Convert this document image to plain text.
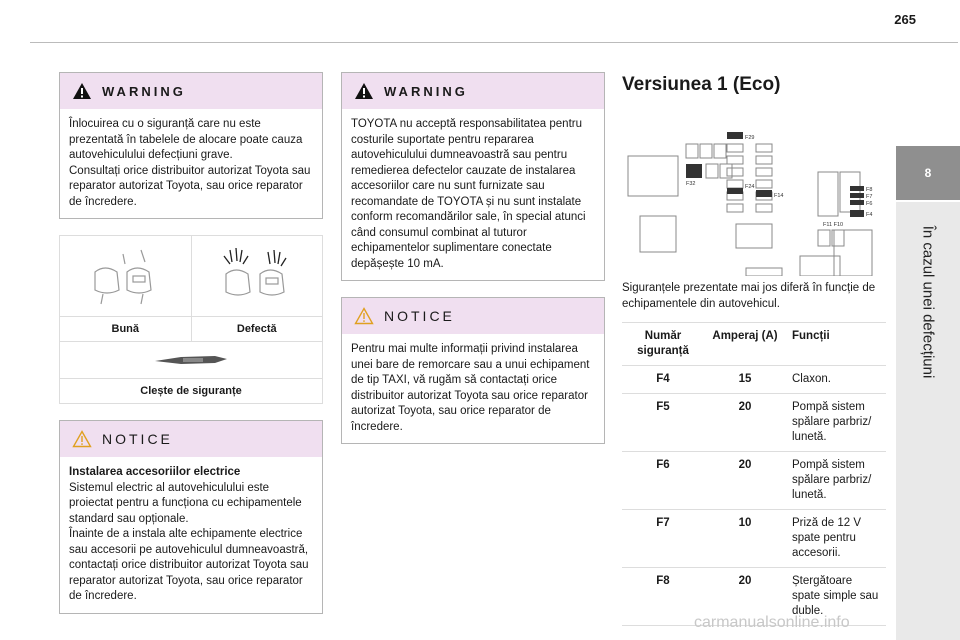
265
8
În cazul unei defecțiuni
WARNING
Înlocuirea cu o siguranță care nu este prezentată în tabelele de alocare poate cauza autovehiculului defecțiuni grave.
Consultați orice distribuitor autorizat Toyota sau reparator autorizat Toyota, sau orice reparator de încredere.
Bună	Defectă
Clește de siguranțe
NOTICE
Instalarea accesoriilor electrice
Sistemul electric al autovehiculului este proiectat pentru a funcționa cu echipamentele standard sau opționale.
Înainte de a instala alte echipamente electrice sau accesorii pe autovehiculul dumneavoastră, contactați orice distribuitor autorizat Toyota sau reparator autorizat Toyota, sau orice reparator de încredere.
WARNING
TOYOTA nu acceptă responsabilitatea pentru costurile suportate pentru repararea autovehiculului dumneavoastră sau pentru remedierea defectelor cauzate de instalarea accesoriilor care nu sunt furnizate sau recomandate de TOYOTA și nu sunt instalate conform recomandărilor sale, în special atunci când consumul combinat al tuturor echipamentelor suplimentare conectate depășește 10 mA.
NOTICE
Pentru mai multe informații privind instalarea unei bare de remorcare sau a unui echipament de tip TAXI, vă rugăm să contactați orice distribuitor autorizat Toyota sau orice reparator autorizat Toyota, sau orice reparator de încredere.
Versiunea 1 (Eco)
F29
F32	F24
F14
F8
F7
F6
F4
F11 F10

Siguranțele prezentate mai jos diferă în funcție de echipamentele din autovehicul.

Număr siguranță	Amperaj (A)	Funcții
F4	15	Claxon.
F5	20	Pompă sistem spălare parbriz/ lunetă.
F6	20	Pompă sistem spălare parbriz/ lunetă.
F7	10	Priză de 12 V spate pentru accesorii.
F8	20	Ștergătoare spate simple sau duble.
carmanualsonline.info
